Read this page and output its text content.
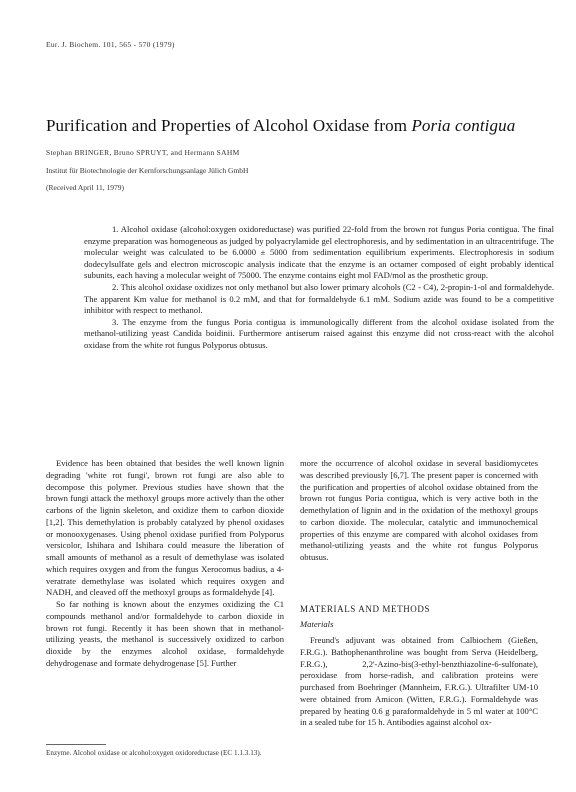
Eur. J. Biochem. 101, 565 - 570 (1979)
Purification and Properties of Alcohol Oxidase from Poria contigua
Stephan BRINGER, Bruno SPRUYT, and Hermann SAHM
Institut für Biotechnologie der Kernforschungsanlage Jülich GmbH
(Received April 11, 1979)

1. Alcohol oxidase (alcohol:oxygen oxidoreductase) was purified 22-fold from the brown rot fungus Poria contigua. The final enzyme preparation was homogeneous as judged by polyacrylamide gel electrophoresis, and by sedimentation in an ultracentrifuge. The molecular weight was calculated to be 6.0000 ± 5000 from sedimentation equilibrium experiments. Electrophoresis in sodium dodecylsulfate gels and electron microscopic analysis indicate that the enzyme is an octamer composed of eight probably identical subunits, each having a molecular weight of 75000. The enzyme contains eight mol FAD/mol as the prosthetic group.

2. This alcohol oxidase oxidizes not only methanol but also lower primary alcohols (C2 - C4), 2-propin-1-ol and formaldehyde. The apparent Km value for methanol is 0.2 mM, and that for formaldehyde 6.1 mM. Sodium azide was found to be a competitive inhibitor with respect to methanol.

3. The enzyme from the fungus Poria contigua is immunologically different from the alcohol oxidase isolated from the methanol-utilizing yeast Candida boidinii. Furthermore antiserum raised against this enzyme did not cross-react with the alcohol oxidase from the white rot fungus Polyporus obtusus.

Evidence has been obtained that besides the well known lignin degrading 'white rot fungi', brown rot fungi are also able to decompose this polymer. Previous studies have shown that the brown fungi attack the methoxyl groups more actively than the other carbons of the lignin skeleton, and oxidize them to carbon dioxide [1,2]. This demethylation is probably catalyzed by phenol oxidases or monooxygenases. Using phenol oxidase purified from Polyporus versicolor, Ishihara and Ishihara could measure the liberation of small amounts of methanol as a result of demethylase was isolated which requires oxygen and from the fungus Xerocomus badius, a 4-veratrate demethylase was isolated which requires oxygen and NADH, and cleaved off the methoxyl groups as formaldehyde [4].

So far nothing is known about the enzymes oxidizing the C1 compounds methanol and/or formaldehyde to carbon dioxide in brown rot fungi. Recently it has been shown that in methanol-utilizing yeasts, the methanol is successively oxidized to carbon dioxide by the enzymes alcohol oxidase, formaldehyde dehydrogenase and formate dehydrogenase [5]. Further

more the occurrence of alcohol oxidase in several basidiomycetes was described previously [6,7]. The present paper is concerned with the purification and properties of alcohol oxidase obtained from the brown rot fungus Poria contigua, which is very active both in the demethylation of lignin and in the oxidation of the methoxyl groups to carbon dioxide. The molecular, catalytic and immunochemical properties of this enzyme are compared with alcohol oxidases from methanol-utilizing yeasts and the white rot fungus Polyporus obtusus.

MATERIALS AND METHODS
Materials

Freund's adjuvant was obtained from Calbiochem (Gießen, F.R.G.). Bathophenanthroline was bought from Serva (Heidelberg, F.R.G.), 2,2'-Azino-bis(3-ethyl-benzthiazoline-6-sulfonate), peroxidase from horse-radish, and calibration proteins were purchased from Boehringer (Mannheim, F.R.G.). Ultrafilter UM-10 were obtained from Amicon (Witten, F.R.G.). Formaldehyde was prepared by heating 0.6 g paraformaldehyde in 5 ml water at 100°C in a sealed tube for 15 h. Antibodies against alcohol ox-

Enzyme. Alcohol oxidase or alcohol:oxygen oxidoreductase (EC 1.1.3.13).
